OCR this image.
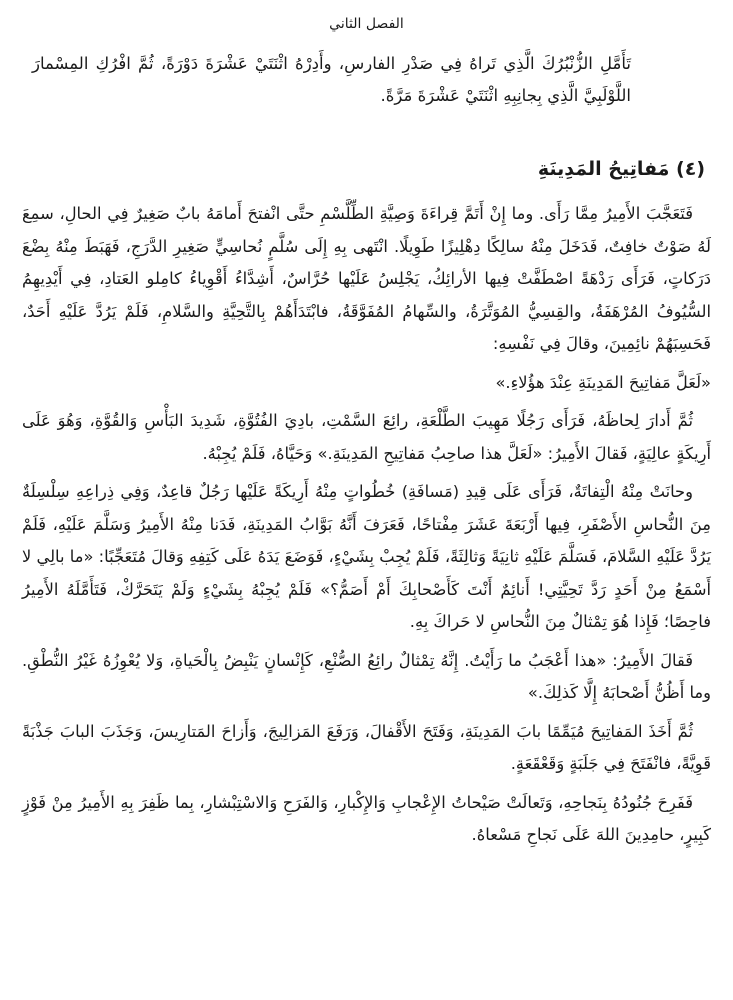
الفصل الثاني

تَأَمَّلِ الزُّنْبُرُكَ الَّذِي تَراهُ فِي صَدْرِ الفارسِ، وأَدِرْهُ اثْنَتَيْ عَشْرَةَ دَوْرَةً، ثُمَّ افْرُكِ المِسْمارَ اللَّوْلَبِيَّ الَّذِي بِجانِبِهِ اثْنَتَيْ عَشْرَةَ مَرَّةً.

(٤) مَفاتِيحُ المَدِينَةِ

فَتَعَجَّبَ الأَمِيرُ مِمَّا رَأَى. وما إِنْ أَتَمَّ قِراءَةَ وَصِيَّةِ الطِّلَّسْمِ حتَّى انْفتحَ أَمامَهُ بابٌ صَغِيرٌ فِي الحالِ، سمِعَ لَهُ صَوْتٌ خافِتٌ، فَدَخَلَ مِنْهُ سالِكًا دِهْلِيزًا طَوِيلًا. انْتَهى بِهِ إِلَى سُلَّمٍ نُحاسِيٍّ صَغِيرِ الدَّرَجِ، فَهَبَطَ مِنْهُ بِضْعَ دَرَكاتٍ، فَرَأَى رَدْهَةً اصْطَفَّتْ فِيها الأرائِكُ، يَجْلِسُ عَلَيْها حُرَّاسٌ، أَشِدَّاءُ أَقْوِياءُ كامِلو العَتادِ، فِي أَيْدِيهِمُ السُّيُوفُ المُرْهَفَةُ، والقِسِيُّ المُوَتَّرَةُ، والسِّهامُ المُفَوَّقَةُ، فابْتَدَأَهُمْ بِالتَّحِيَّةِ والسَّلامِ، فَلَمْ يَرُدَّ عَلَيْهِ أَحَدٌ، فَحَسِبَهُمْ نائِمِينَ، وقالَ فِي نَفْسِهِ:

«لَعَلَّ مَفاتِيحَ المَدِينَةِ عِنْدَ هؤُلاءِ.»

ثُمَّ أَدارَ لِحاظَهُ، فَرَأَى رَجُلًا مَهِيبَ الطَّلْعَةِ، رائِعَ السَّمْتِ، بادِيَ الفُتُوَّةِ، شَدِيدَ البَأْسِ وَالقُوَّةِ، وَهُوَ عَلَى أَرِيكَةٍ عالِيَةٍ، فَقالَ الأَمِيرُ: «لَعَلَّ هذا صاحِبُ مَفاتِيحِ المَدِينَةِ.» وَحَيَّاهُ، فَلَمْ يُجِبْهُ.

وحانَتْ مِنْهُ الْتِفاتَةٌ، فَرَأَى عَلَى قِيدِ (مَسافَةِ) خُطُواتٍ مِنْهُ أَرِيكَةً عَلَيْها رَجُلٌ قاعِدٌ، وَفِي ذِراعِهِ سِلْسِلَةٌ مِنَ النُّحاسِ الأَصْفَرِ، فِيها أَرْبَعَةَ عَشَرَ مِفْتاحًا، فَعَرَفَ أَنَّهُ بَوَّابُ المَدِينَةِ، فَدَنا مِنْهُ الأَمِيرُ وَسَلَّمَ عَلَيْهِ، فَلَمْ يَرُدَّ عَلَيْهِ السَّلامَ، فَسَلَّمَ عَلَيْهِ ثانِيَةً وَثالِثَةً، فَلَمْ يُجِبْ بِشَيْءٍ، فَوَضَعَ يَدَهُ عَلَى كَتِفِهِ وَقالَ مُتَعَجِّبًا: «ما بالِي لا أَسْمَعُ مِنْ أَحَدٍ رَدَّ تَحِيَّتِي! أَنائِمٌ أَنْتَ كَأَصْحابِكَ أَمْ أَصَمُّ؟» فَلَمْ يُجِبْهُ بِشَيْءٍ وَلَمْ يَتَحَرَّكْ، فَتَأَمَّلَهُ الأَمِيرُ فاحِصًا؛ فَإِذا هُوَ تِمْثالٌ مِنَ النُّحاسِ لا حَراكَ بِهِ.

فَقالَ الأَمِيرُ: «هذا أَعْجَبُ ما رَأَيْتُ. إِنَّهُ تِمْثالٌ رائِعُ الصُّنْعِ، كَإِنْسانٍ يَنْبِضُ بِالْحَياةِ، وَلا يُعْوِزُهُ غَيْرُ النُّطْقِ. وما أَظُنُّ أَصْحابَهُ إِلَّا كَذلِكَ.»

ثُمَّ أَخَذَ المَفاتِيحَ مُيَمِّمًا بابَ المَدِينَةِ، وَفَتَحَ الأَقْفالَ، وَرَفَعَ المَزالِيجَ، وَأَزاحَ المَتارِيسَ، وَجَذَبَ البابَ جَذْبَةً قَوِيَّةً، فانْفَتَحَ فِي جَلَبَةٍ وَقَعْقَعَةٍ.

فَفَرِحَ جُنُودُهُ بِنَجاحِهِ، وَتَعالَتْ صَيْحاتُ الإِعْجابِ وَالإِكْبارِ، وَالفَرَحِ وَالاسْتِبْشارِ، بِما ظَفِرَ بِهِ الأَمِيرُ مِنْ فَوْزٍ كَبِيرٍ، حامِدِينَ اللهَ عَلَى نَجاحِ مَسْعاهُ.
